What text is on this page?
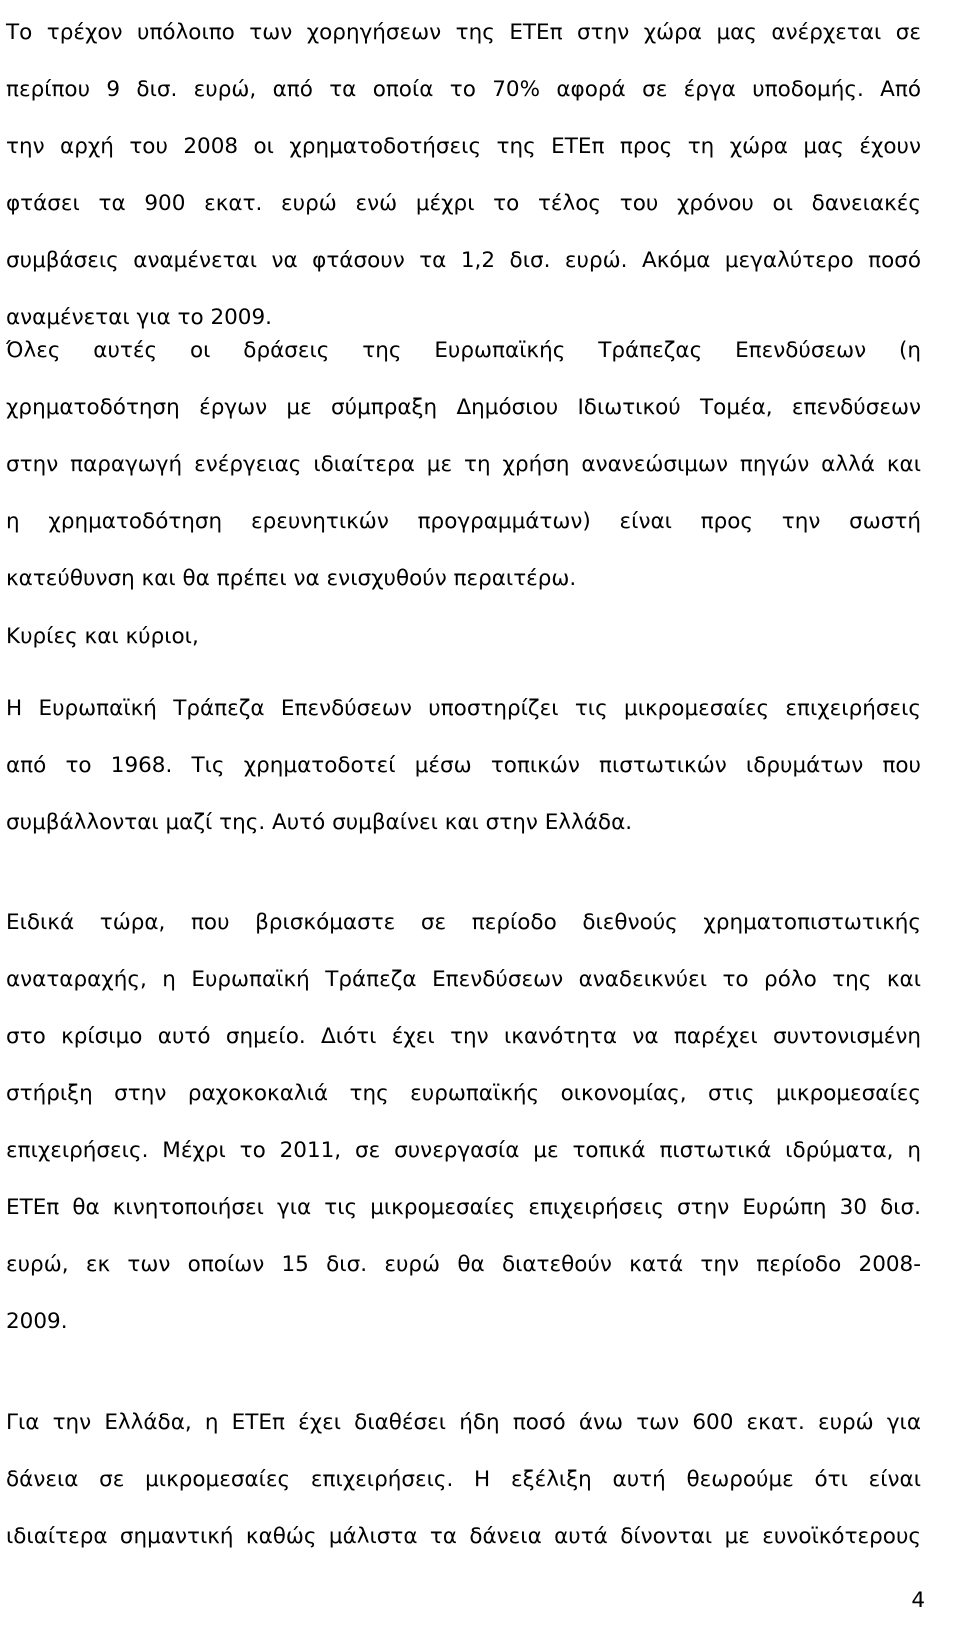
Το τρέχον υπόλοιπο των χορηγήσεων της ΕΤΕπ στην χώρα μας ανέρχεται σε
περίπου 9 δισ. ευρώ, από τα οποία το 70% αφορά σε έργα υποδομής. Από
την αρχή του 2008 οι χρηματοδοτήσεις της ΕΤΕπ προς τη χώρα μας έχουν
φτάσει τα 900 εκατ. ευρώ ενώ μέχρι το τέλος του χρόνου οι δανειακές
συμβάσεις αναμένεται να φτάσουν τα 1,2 δισ. ευρώ. Ακόμα μεγαλύτερο ποσό
αναμένεται για το 2009.

Όλες αυτές οι δράσεις της Ευρωπαϊκής Τράπεζας Επενδύσεων (η
χρηματοδότηση έργων με σύμπραξη Δημόσιου Ιδιωτικού Τομέα, επενδύσεων
στην παραγωγή ενέργειας ιδιαίτερα με τη χρήση ανανεώσιμων πηγών αλλά και
η χρηματοδότηση ερευνητικών προγραμμάτων) είναι προς την σωστή
κατεύθυνση και θα πρέπει να ενισχυθούν περαιτέρω.

Κυρίες και κύριοι,

Η Ευρωπαϊκή Τράπεζα Επενδύσεων υποστηρίζει τις μικρομεσαίες επιχειρήσεις
από το 1968. Τις χρηματοδοτεί μέσω τοπικών πιστωτικών ιδρυμάτων που
συμβάλλονται μαζί της. Αυτό συμβαίνει και στην Ελλάδα.

Ειδικά τώρα, που βρισκόμαστε σε περίοδο διεθνούς χρηματοπιστωτικής
αναταραχής, η Ευρωπαϊκή Τράπεζα Επενδύσεων αναδεικνύει το ρόλο της και
στο κρίσιμο αυτό σημείο. Διότι έχει την ικανότητα να παρέχει συντονισμένη
στήριξη στην ραχοκοκαλιά της ευρωπαϊκής οικονομίας, στις μικρομεσαίες
επιχειρήσεις. Μέχρι το 2011, σε συνεργασία με τοπικά πιστωτικά ιδρύματα, η
ΕΤΕπ θα κινητοποιήσει για τις μικρομεσαίες επιχειρήσεις στην Ευρώπη 30 δισ.
ευρώ, εκ των οποίων 15 δισ. ευρώ θα διατεθούν κατά την περίοδο 2008-
2009.

Για την Ελλάδα, η ΕΤΕπ έχει διαθέσει ήδη ποσό άνω των 600 εκατ. ευρώ για
δάνεια σε μικρομεσαίες επιχειρήσεις. Η εξέλιξη αυτή θεωρούμε ότι είναι
ιδιαίτερα σημαντική καθώς μάλιστα τα δάνεια αυτά δίνονται με ευνοϊκότερους

4
